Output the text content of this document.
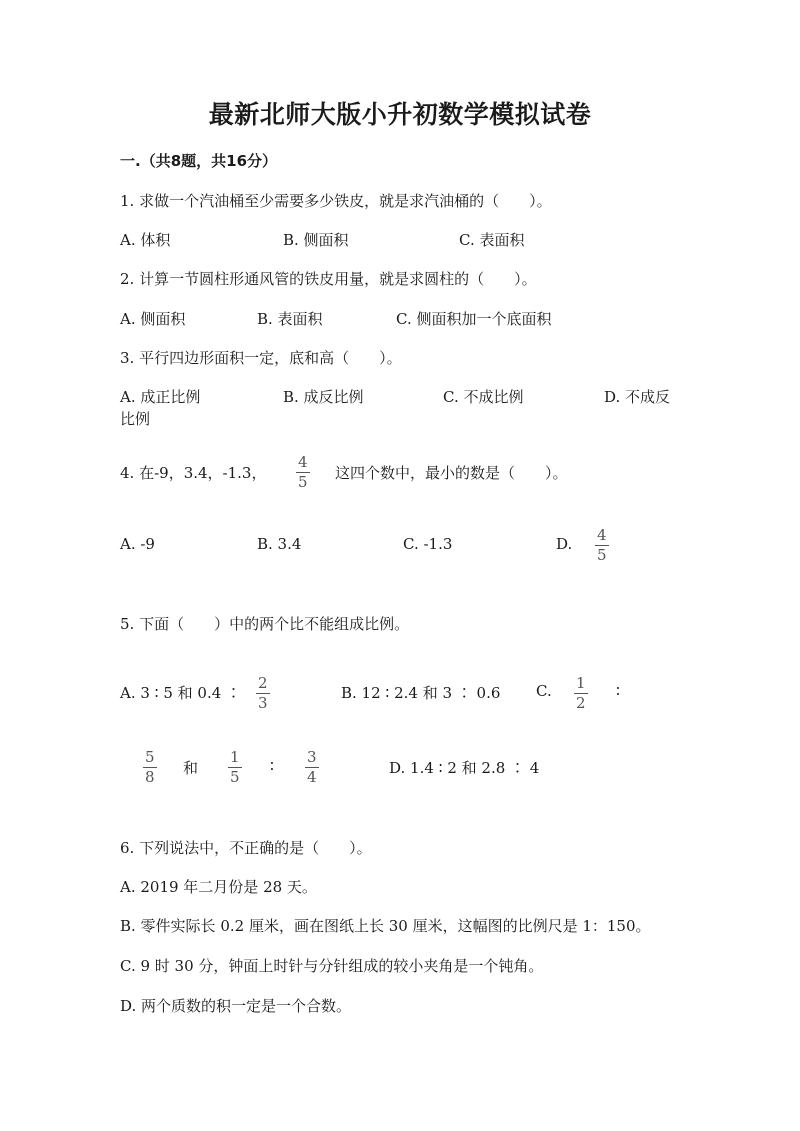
最新北师大版小升初数学模拟试卷
一.（共8题，共16分）
1. 求做一个汽油桶至少需要多少铁皮，就是求汽油桶的（　　）。
A. 体积	B. 侧面积	C. 表面积
2. 计算一节圆柱形通风管的铁皮用量，就是求圆柱的（　　）。
A. 侧面积	B. 表面积	C. 侧面积加一个底面积
3. 平行四边形面积一定，底和高（　　）。
A. 成正比例	B. 成反比例	C. 不成比例	D. 不成反
比例
4. 在-9，3.4，-1.3，
4
5 这四个数中，最小的数是（　　）。
A. -9	B. 3.4	C. -1.3	D. 4
5
5. 下面（　　）中的两个比不能组成比例。
A. 3 ∶ 5 和 0.4 ∶
2
3
B. 12 ∶ 2.4 和 3 ∶ 0.6 C. 1
2
∶
5
8 和
1
5
∶ 3
4	D. 1.4 ∶ 2 和 2.8 ∶ 4
6. 下列说法中，不正确的是（　　）。
A. 2019 年二月份是 28 天。
B. 零件实际长 0.2 厘米，画在图纸上长 30 厘米，这幅图的比例尺是 1：150。
C. 9 时 30 分，钟面上时针与分针组成的较小夹角是一个钝角。
D. 两个质数的积一定是一个合数。
